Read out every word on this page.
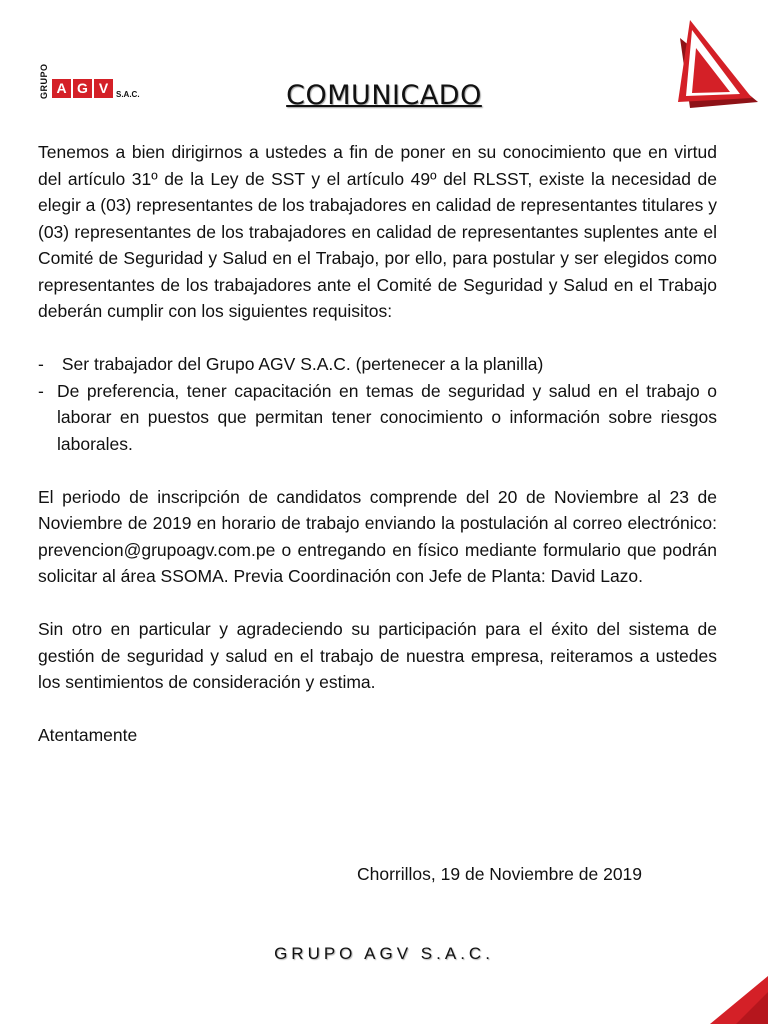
GRUPO A G V S.A.C.	COMUNICADO

Tenemos a bien dirigirnos a ustedes a fin de poner en su conocimiento que en virtud del artículo 31º de la Ley de SST y el artículo 49º del RLSST, existe la necesidad de elegir a (03) representantes de los trabajadores en calidad de representantes titulares y (03) representantes de los trabajadores en calidad de representantes suplentes ante el Comité de Seguridad y Salud en el Trabajo, por ello, para postular y ser elegidos como representantes de los trabajadores ante el Comité de Seguridad y Salud en el Trabajo deberán cumplir con los siguientes requisitos:

- Ser trabajador del Grupo AGV S.A.C. (pertenecer a la planilla)
- De preferencia, tener capacitación en temas de seguridad y salud en el trabajo o laborar en puestos que permitan tener conocimiento o información sobre riesgos laborales.

El periodo de inscripción de candidatos comprende del 20 de Noviembre al 23 de Noviembre de 2019 en horario de trabajo enviando la postulación al correo electrónico: prevencion@grupoagv.com.pe o entregando en físico mediante formulario que podrán solicitar al área SSOMA. Previa Coordinación con Jefe de Planta: David Lazo.

Sin otro en particular y agradeciendo su participación para el éxito del sistema de gestión de seguridad y salud en el trabajo de nuestra empresa, reiteramos a ustedes los sentimientos de consideración y estima.

Atentamente

Chorrillos, 19 de Noviembre de 2019
GRUPO AGV S.A.C.
